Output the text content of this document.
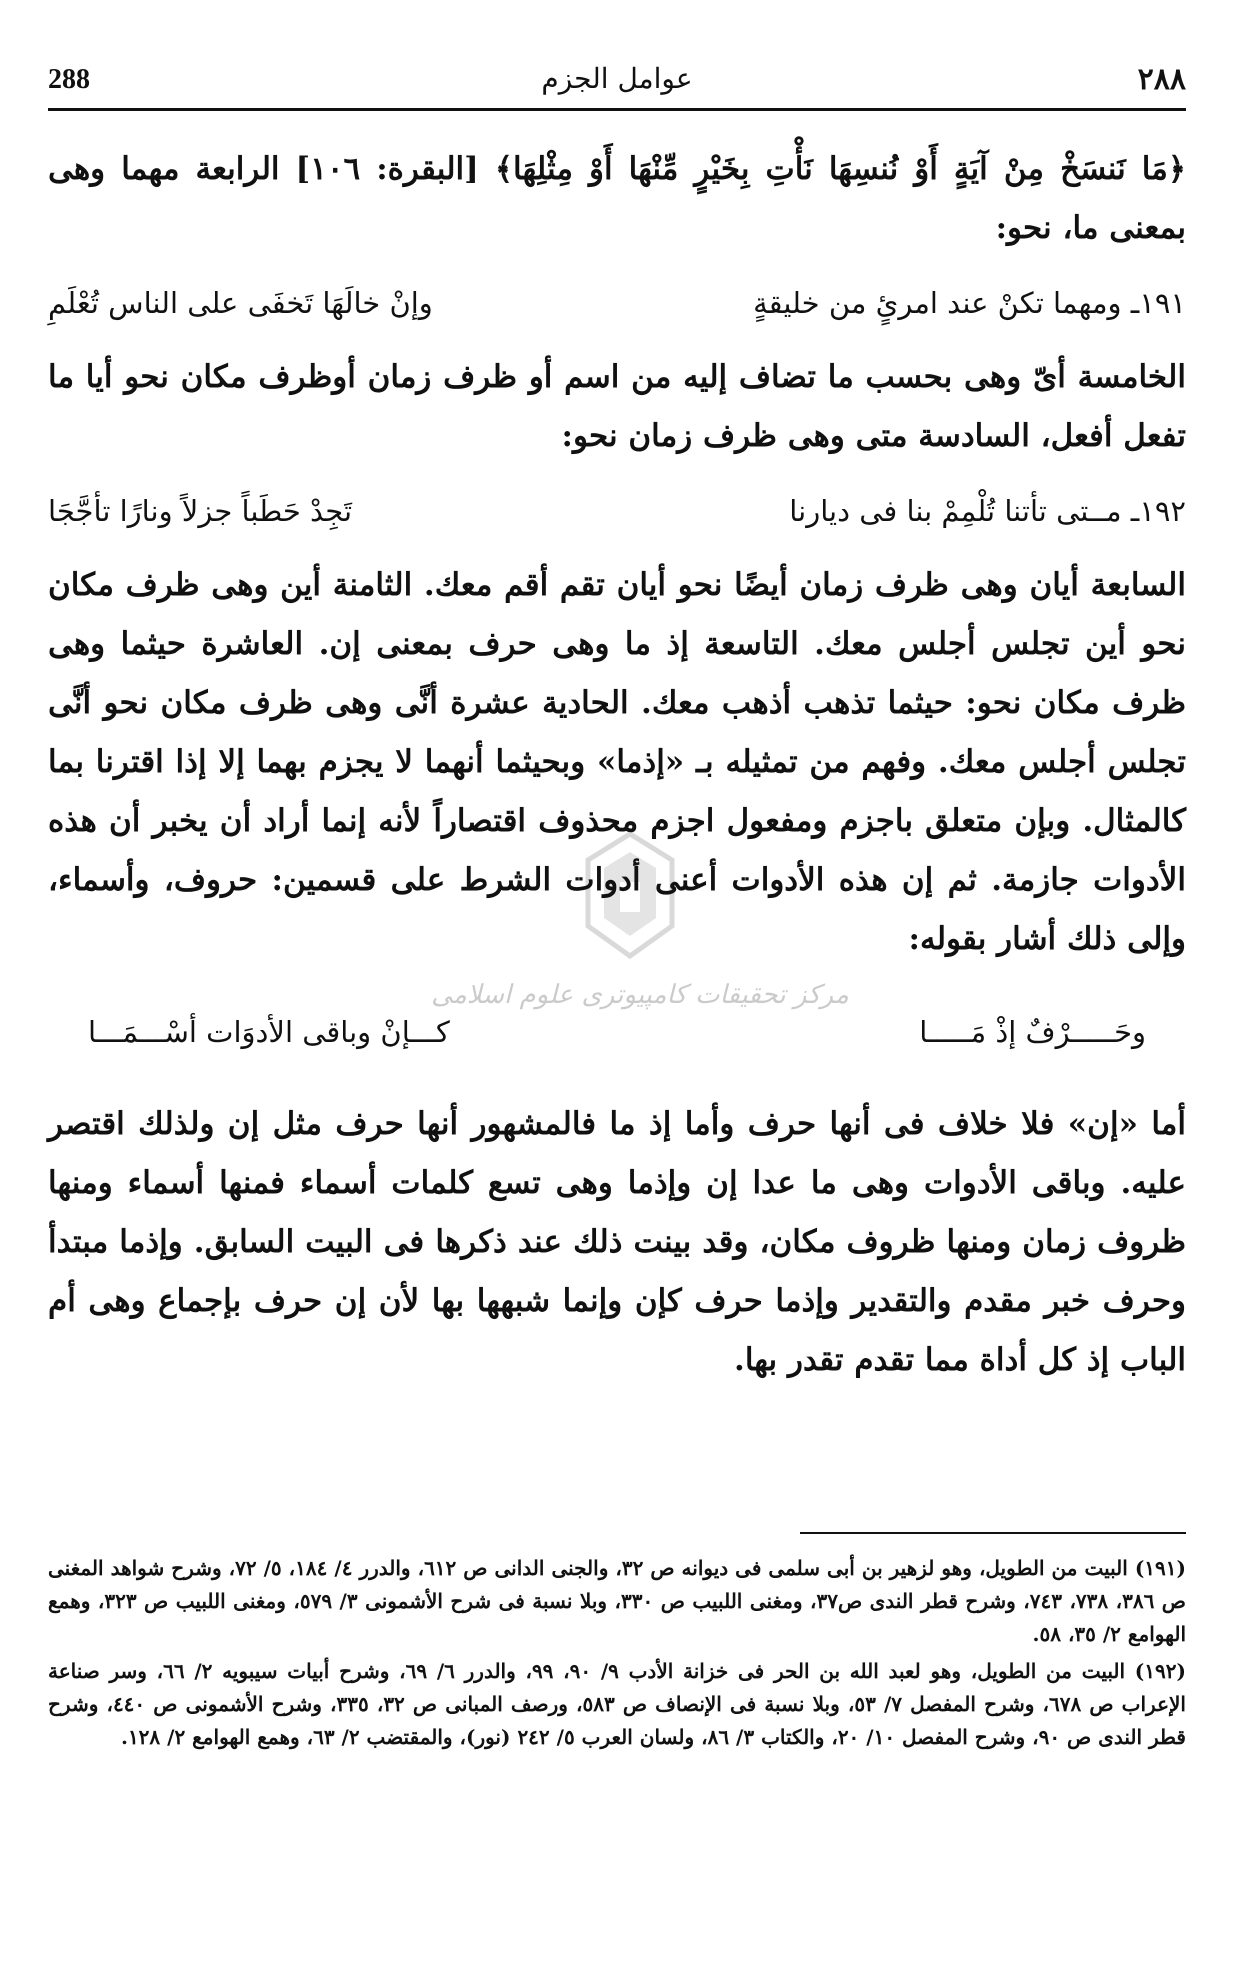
288	عوامل الجزم	٢٨٨
مركز تحقيقات كامپيوترى علوم اسلامى

﴿مَا نَنسَخْ مِنْ آيَةٍ أَوْ نُنسِهَا نَأْتِ بِخَيْرٍ مِّنْهَا أَوْ مِثْلِهَا﴾ [البقرة: ١٠٦] الرابعة مهما وهى بمعنى ما، نحو:

١٩١ـ ومهما تكنْ عند امرئٍ من خليقةٍ
وإنْ خالَهَا تَخفَى على الناس تُعْلَمِ

الخامسة أىّ وهى بحسب ما تضاف إليه من اسم أو ظرف زمان أوظرف مكان نحو أيا ما تفعل أفعل، السادسة متى وهى ظرف زمان نحو:

١٩٢ـ مــتى تأتنا تُلْمِمْ بنا فى ديارنا
تَجِدْ حَطَباً جزلاً ونارًا تأجَّجَا

السابعة أيان وهى ظرف زمان أيضًا نحو أيان تقم أقم معك. الثامنة أين وهى ظرف مكان نحو أين تجلس أجلس معك. التاسعة إذ ما وهى حرف بمعنى إن. العاشرة حيثما وهى ظرف مكان نحو: حيثما تذهب أذهب معك. الحادية عشرة أنَّى وهى ظرف مكان نحو أنَّى تجلس أجلس معك. وفهم من تمثيله بـ «إذما» وبحيثما أنهما لا يجزم بهما إلا إذا اقترنا بما كالمثال. وبإن متعلق باجزم ومفعول اجزم محذوف اقتصاراً لأنه إنما أراد أن يخبر أن هذه الأدوات جازمة. ثم إن هذه الأدوات أعنى أدوات الشرط على قسمين: حروف، وأسماء، وإلى ذلك أشار بقوله:

وحَـــــرْفٌ إذْ مَـــــا
كـــإنْ وباقى الأدوَات أسْـــمَـــا

أما «إن» فلا خلاف فى أنها حرف وأما إذ ما فالمشهور أنها حرف مثل إن ولذلك اقتصر عليه. وباقى الأدوات وهى ما عدا إن وإذما وهى تسع كلمات أسماء فمنها أسماء ومنها ظروف زمان ومنها ظروف مكان، وقد بينت ذلك عند ذكرها فى البيت السابق. وإذما مبتدأ وحرف خبر مقدم والتقدير وإذما حرف كإن وإنما شبهها بها لأن إن حرف بإجماع وهى أم الباب إذ كل أداة مما تقدم تقدر بها.

(١٩١) البيت من الطويل، وهو لزهير بن أبى سلمى فى ديوانه ص ٣٢، والجنى الدانى ص ٦١٢، والدرر ٤/ ١٨٤، ٥/ ٧٢، وشرح شواهد المغنى ص ٣٨٦، ٧٣٨، ٧٤٣، وشرح قطر الندى ص٣٧، ومغنى اللبيب ص ٣٣٠، وبلا نسبة فى شرح الأشمونى ٣/ ٥٧٩، ومغنى اللبيب ص ٣٢٣، وهمع الهوامع ٢/ ٣٥، ٥٨.

(١٩٢) البيت من الطويل، وهو لعبد الله بن الحر فى خزانة الأدب ٩/ ٩٠، ٩٩، والدرر ٦/ ٦٩، وشرح أبيات سيبويه ٢/ ٦٦، وسر صناعة الإعراب ص ٦٧٨، وشرح المفصل ٧/ ٥٣، وبلا نسبة فى الإنصاف ص ٥٨٣، ورصف المبانى ص ٣٢، ٣٣٥، وشرح الأشمونى ص ٤٤٠، وشرح قطر الندى ص ٩٠، وشرح المفصل ١٠/ ٢٠، والكتاب ٣/ ٨٦، ولسان العرب ٥/ ٢٤٢ (نور)، والمقتضب ٢/ ٦٣، وهمع الهوامع ٢/ ١٢٨.
